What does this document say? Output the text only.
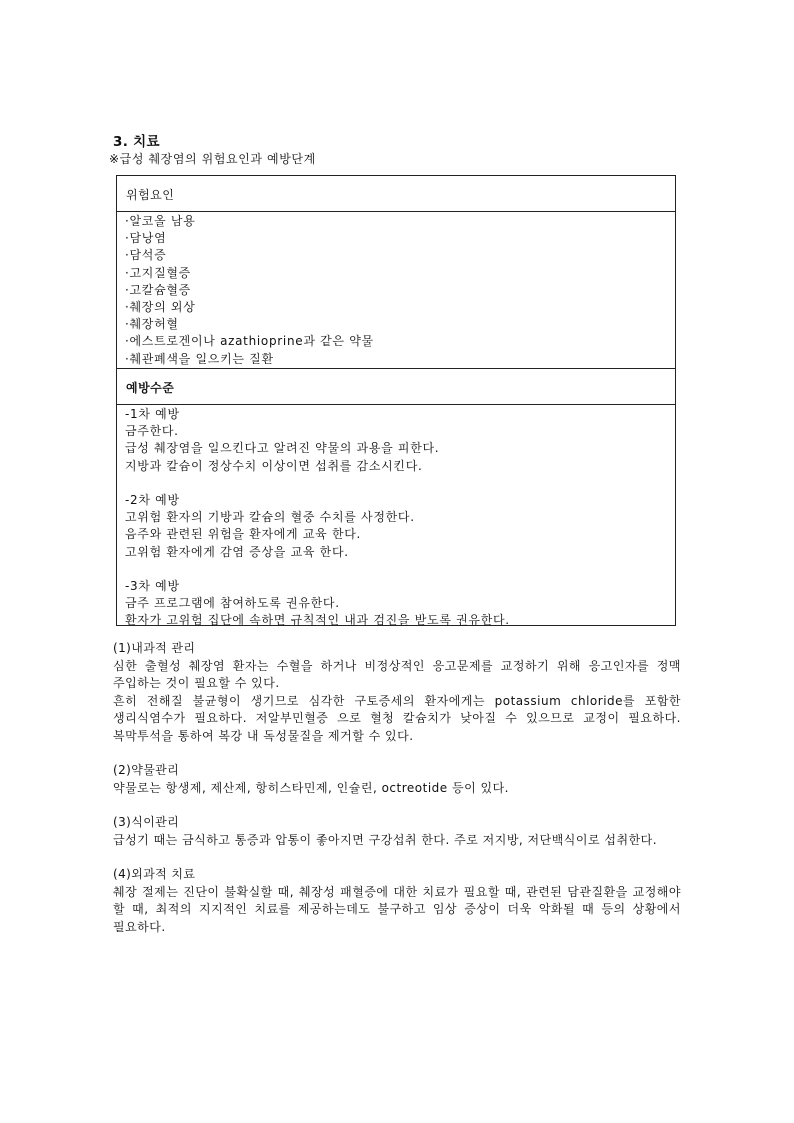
3. 치료
※급성 췌장염의 위험요인과 예방단계
위험요인
·알코올 남용
·담낭염
·담석증
·고지질혈증
·고칼슘혈증
·췌장의 외상
·췌장허혈
·에스트로겐이나 azathioprine과 같은 약물
·췌관폐색을 일으키는 질환
예방수준
-1차 예방
금주한다.
급성 췌장염을 일으킨다고 알려진 약물의 과용을 피한다.
지방과 칼슘이 정상수치 이상이면 섭취를 감소시킨다.
-2차 예방
고위험 환자의 기방과 칼슘의 혈중 수치를 사정한다.
음주와 관련된 위험을 환자에게 교육 한다.
고위험 환자에게 감염 증상을 교육 한다.
-3차 예방
금주 프로그램에 참여하도록 권유한다.
환자가 고위험 집단에 속하면 규칙적인 내과 검진을 받도록 권유한다.
(1)내과적 관리
심한 출혈성 췌장염 환자는 수혈을 하거나 비정상적인 응고문제를 교정하기 위해 응고인자를 정맥 주입하는 것이 필요할 수 있다.
흔히 전해질 불균형이 생기므로 심각한 구토증세의 환자에게는 potassium chloride를 포함한 생리식염수가 필요하다. 저알부민혈증 으로 혈청 칼슘치가 낮아질 수 있으므로 교정이 필요하다. 복막투석을 통하여 복강 내 독성물질을 제거할 수 있다.
(2)약물관리
약물로는 항생제, 제산제, 항히스타민제, 인슐린, octreotide 등이 있다.
(3)식이관리
급성기 때는 금식하고 통증과 압통이 좋아지면 구강섭취 한다. 주로 저지방, 저단백식이로 섭취한다.
(4)외과적 치료
췌장 절제는 진단이 불확실할 때, 췌장성 패혈증에 대한 치료가 필요할 때, 관련된 담관질환을 교정해야 할 때, 최적의 지지적인 치료를 제공하는데도 불구하고 임상 증상이 더욱 악화될 때 등의 상황에서 필요하다.
